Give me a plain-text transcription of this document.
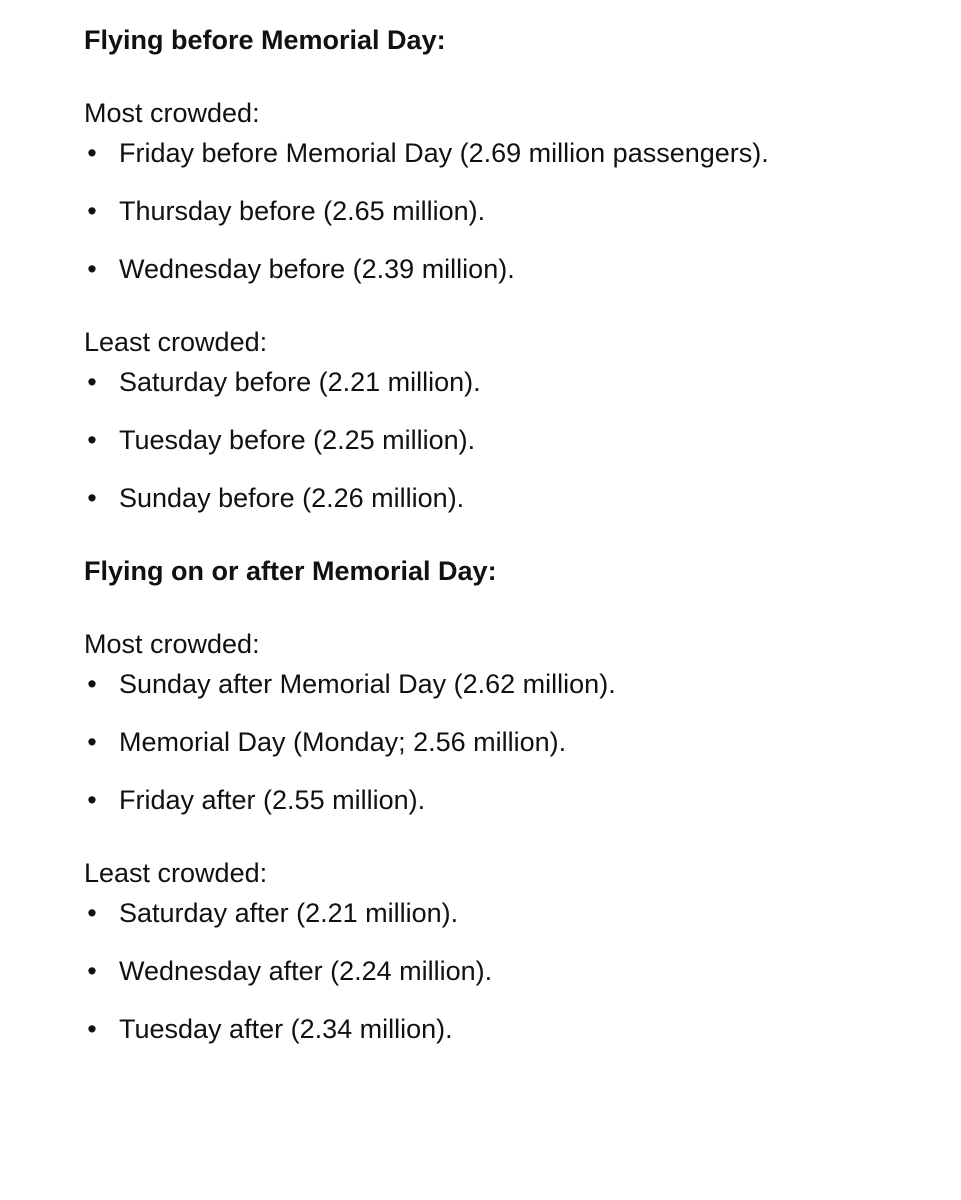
Flying before Memorial Day:

Most crowded:

• Friday before Memorial Day (2.69 million passengers).
• Thursday before (2.65 million).
• Wednesday before (2.39 million).

Least crowded:

• Saturday before (2.21 million).
• Tuesday before (2.25 million).
• Sunday before (2.26 million).
Flying on or after Memorial Day:

Most crowded:

• Sunday after Memorial Day (2.62 million).
• Memorial Day (Monday; 2.56 million).
• Friday after (2.55 million).

Least crowded:

• Saturday after (2.21 million).
• Wednesday after (2.24 million).
• Tuesday after (2.34 million).
